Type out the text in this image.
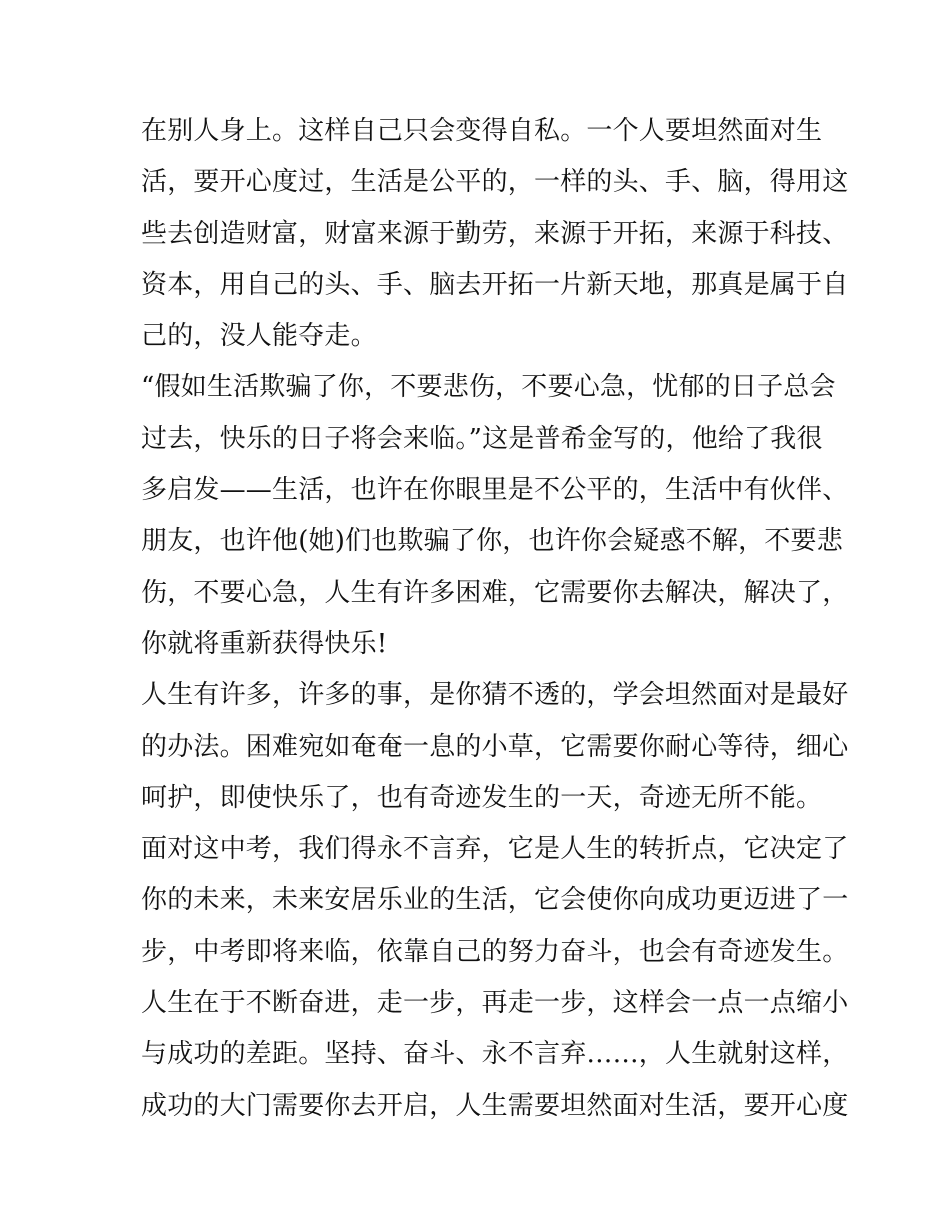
在别人身上。这样自己只会变得自私。一个人要坦然面对生
活，要开心度过，生活是公平的，一样的头、手、脑，得用这
些去创造财富，财富来源于勤劳，来源于开拓，来源于科技、
资本，用自己的头、手、脑去开拓一片新天地，那真是属于自
己的，没人能夺走。
“假如生活欺骗了你，不要悲伤，不要心急，忧郁的日子总会
过去，快乐的日子将会来临。”这是普希金写的，他给了我很
多启发——生活，也许在你眼里是不公平的，生活中有伙伴、
朋友，也许他(她)们也欺骗了你，也许你会疑惑不解，不要悲
伤，不要心急，人生有许多困难，它需要你去解决，解决了，
你就将重新获得快乐!
人生有许多，许多的事，是你猜不透的，学会坦然面对是最好
的办法。困难宛如奄奄一息的小草，它需要你耐心等待，细心
呵护，即使快乐了，也有奇迹发生的一天，奇迹无所不能。
面对这中考，我们得永不言弃，它是人生的转折点，它决定了
你的未来，未来安居乐业的生活，它会使你向成功更迈进了一
步，中考即将来临，依靠自己的努力奋斗，也会有奇迹发生。
人生在于不断奋进，走一步，再走一步，这样会一点一点缩小
与成功的差距。坚持、奋斗、永不言弃……，人生就射这样，
成功的大门需要你去开启，人生需要坦然面对生活，要开心度
